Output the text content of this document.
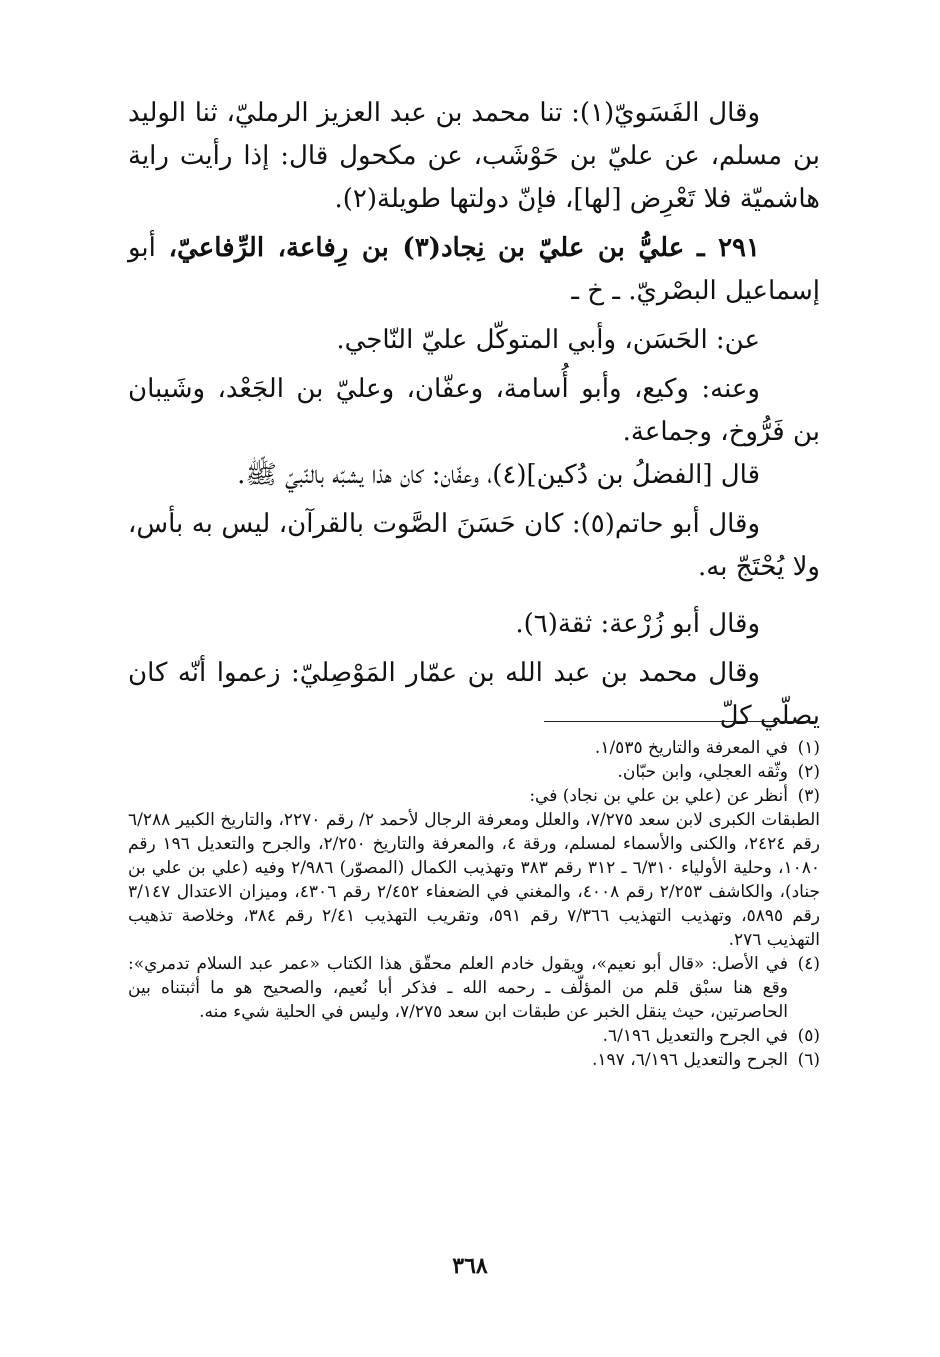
وقال الفَسَويّ(١): تنا محمد بن عبد العزيز الرمليّ، ثنا الوليد بن مسلم، عن عليّ بن حَوْشَب، عن مكحول قال: إذا رأيت راية هاشميّة فلا تَعْرِض [لها]، فإنّ دولتها طويلة(٢).

٢٩١ ـ عليُّ بن عليّ بن نِجاد(٣) بن رِفاعة، الرِّفاعيّ، أبو إسماعيل البصْريّ. ـ خ ـ

عن: الحَسَن، وأبي المتوكّل عليّ النّاجي.

وعنه: وكيع، وأبو أُسامة، وعفّان، وعليّ بن الجَعْد، وشَيبان بن فَرُّوخ، وجماعة.

قال [الفضلُ بن دُكين](٤)، وعفّان: كان هذا يشبّه بالنّبيّ ﷺ.

وقال أبو حاتم(٥): كان حَسَنَ الصَّوت بالقرآن، ليس به بأس، ولا يُحْتَجّ به.

وقال أبو زُرْعة: ثقة(٦).

وقال محمد بن عبد الله بن عمّار المَوْصِليّ: زعموا أنّه كان يصلّي كلّ

(١)
في المعرفة والتاريخ ١/٥٣٥.
(٢)
وثّقه العجلي، وابن حبّان.
(٣)
أنظر عن (علي بن علي بن نجاد) في:
الطبقات الكبرى لابن سعد ٧/٢٧٥، والعلل ومعرفة الرجال لأحمد ٢/ رقم ٢٢٧٠، والتاريخ الكبير ٦/٢٨٨ رقم ٢٤٢٤، والكنى والأسماء لمسلم، ورقة ٤، والمعرفة والتاريخ ٢/٢٥٠، والجرح والتعديل ١٩٦ رقم ١٠٨٠، وحلية الأولياء ٦/٣١٠ ـ ٣١٢ رقم ٣٨٣ وتهذيب الكمال (المصوّر) ٢/٩٨٦ وفيه (علي بن علي بن جناد)، والكاشف ٢/٢٥٣ رقم ٤٠٠٨، والمغني في الضعفاء ٢/٤٥٢ رقم ٤٣٠٦، وميزان الاعتدال ٣/١٤٧ رقم ٥٨٩٥، وتهذيب التهذيب ٧/٣٦٦ رقم ٥٩١، وتقريب التهذيب ٢/٤١ رقم ٣٨٤، وخلاصة تذهيب التهذيب ٢٧٦.
(٤)
في الأصل: «قال أبو نعيم»، ويقول خادم العلم محقّق هذا الكتاب «عمر عبد السلام تدمري»: وقع هنا سبْق قلم من المؤلّف ـ رحمه الله ـ فذكر أبا نُعيم، والصحيح هو ما أثبتناه بين الحاصرتين، حيث ينقل الخبر عن طبقات ابن سعد ٧/٢٧٥، وليس في الحلية شيء منه.
(٥)
في الجرح والتعديل ٦/١٩٦.
(٦)
الجرح والتعديل ٦/١٩٦، ١٩٧.
٣٦٨
